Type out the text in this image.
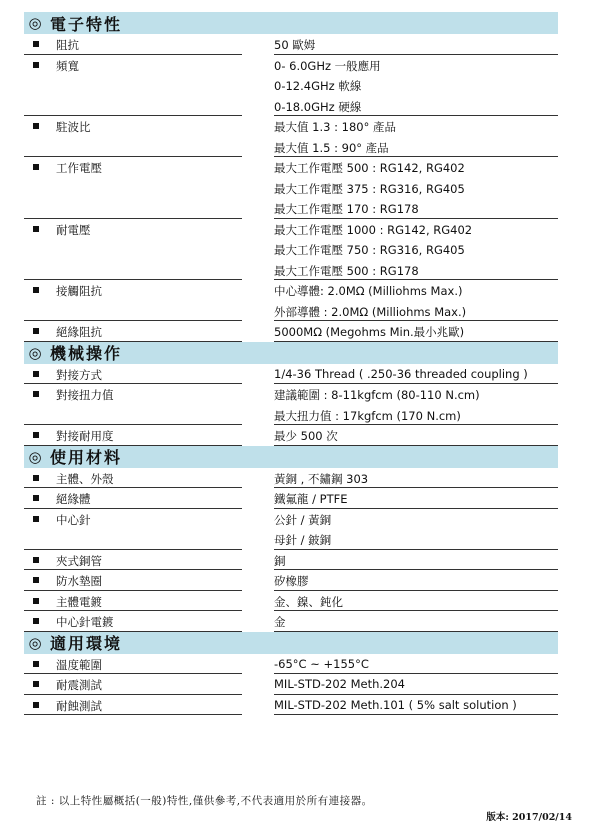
◎ 電子特性
阻抗	50 歐姆
頻寬	0- 6.0GHz 一般應用
0-12.4GHz 軟線
0-18.0GHz 硬線
駐波比	最大值 1.3 : 180° 產品
最大值 1.5 : 90° 產品
工作電壓	最大工作電壓 500 : RG142, RG402
最大工作電壓 375 : RG316, RG405
最大工作電壓 170 : RG178
耐電壓	最大工作電壓 1000 : RG142, RG402
最大工作電壓 750 : RG316, RG405
最大工作電壓 500 : RG178
接觸阻抗	中心導體: 2.0MΩ (Milliohms Max.)
外部導體 : 2.0MΩ (Milliohms Max.)
絕緣阻抗	5000MΩ (Megohms Min.最小兆歐)
◎ 機械操作
對接方式	1/4-36 Thread ( .250-36 threaded coupling )
對接扭力值	建議範圍 : 8-11kgfcm (80-110 N.cm)
最大扭力值 : 17kgfcm (170 N.cm)
對接耐用度	最少 500 次
◎ 使用材料
主體、外殼	黃銅 , 不鏽鋼 303
絕緣體	鐵氟龍 / PTFE
中心針	公針 / 黃銅
母針 / 鈹銅
夾式銅管	銅
防水墊圈	矽橡膠
主體電鍍	金、鎳、鈍化
中心針電鍍	金
◎ 適用環境
溫度範圍	-65°C ~ +155°C
耐震測試	MIL-STD-202 Meth.204
耐蝕測試	MIL-STD-202 Meth.101 ( 5% salt solution )
註 : 以上特性屬概括(一般)特性,僅供參考,不代表適用於所有連接器。
版本: 2017/02/14
